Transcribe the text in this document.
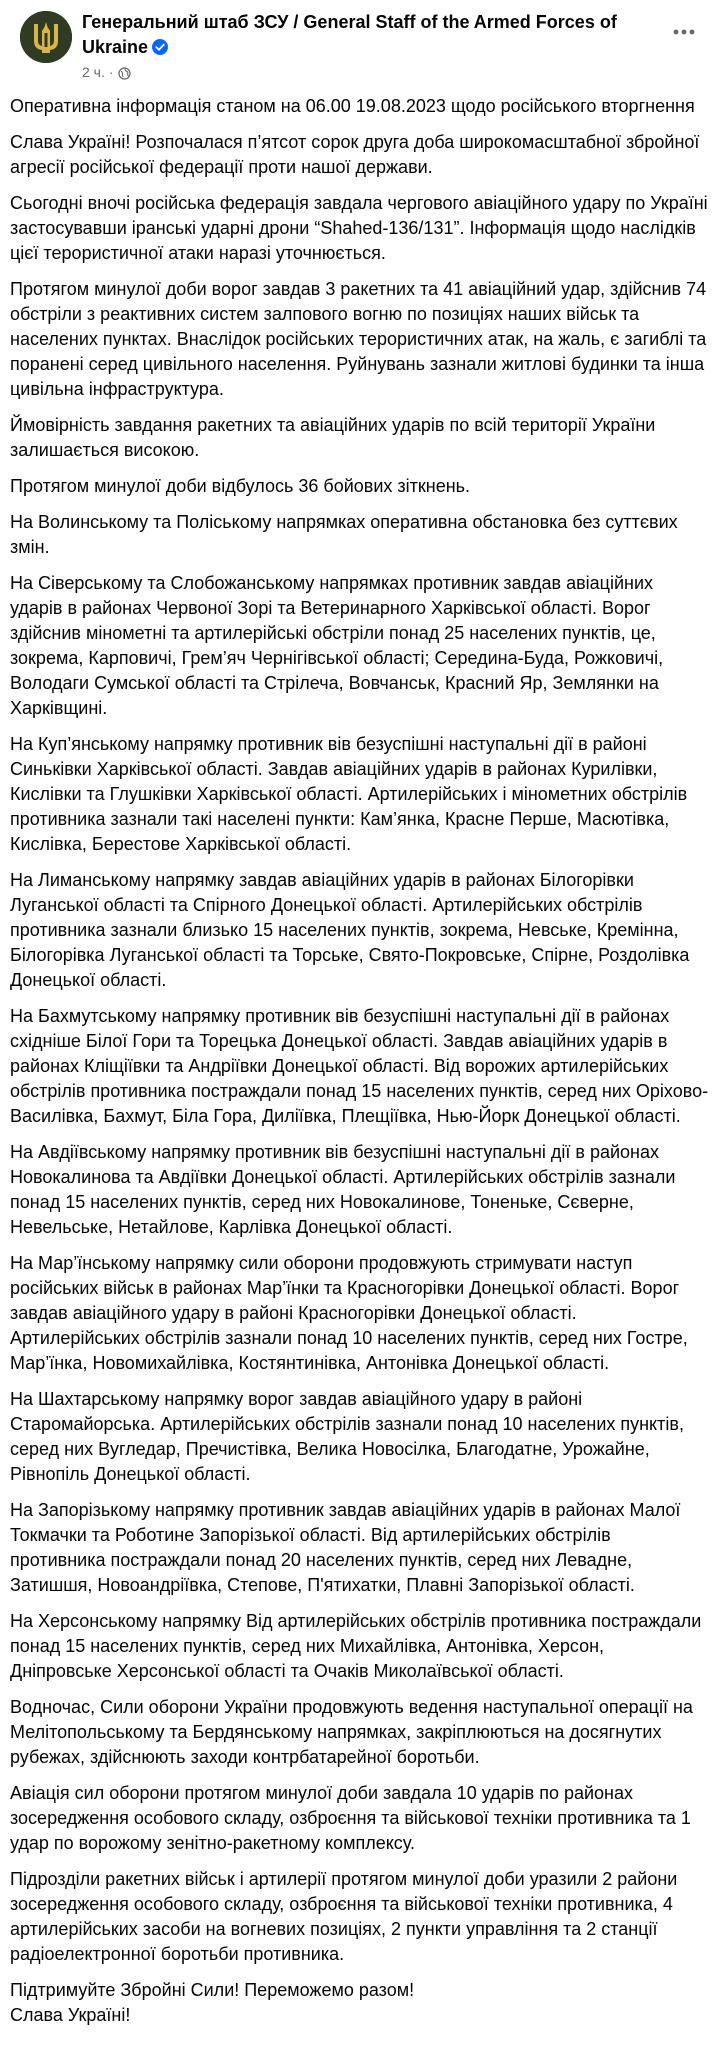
Генеральний штаб ЗСУ / General Staff of the Armed Forces of Ukraine
2 ч. ·

Оперативна інформація станом на 06.00 19.08.2023 щодо російського вторгнення

Слава Україні! Розпочалася п’ятсот сорок друга доба широкомасштабної збройної агресії російської федерації проти нашої держави.

Сьогодні вночі російська федерація завдала чергового авіаційного удару по Україні застосувавши іранські ударні дрони “Shahed-136/131”. Інформація щодо наслідків цієї терористичної атаки наразі уточнюється.

Протягом минулої доби ворог завдав 3 ракетних та 41 авіаційний удар, здійснив 74 обстріли з реактивних систем залпового вогню по позиціях наших військ та населених пунктах. Внаслідок російських терористичних атак, на жаль, є загиблі та поранені серед цивільного населення. Руйнувань зазнали житлові будинки та інша цивільна інфраструктура.

Ймовірність завдання ракетних та авіаційних ударів по всій території України залишається високою.

Протягом минулої доби відбулось 36 бойових зіткнень.

На Волинському та Поліському напрямках оперативна обстановка без суттєвих змін.

На Сіверському та Слобожанському напрямках противник завдав авіаційних ударів в районах Червоної Зорі та Ветеринарного Харківської області. Ворог здійснив мінометні та артилерійські обстріли понад 25 населених пунктів, це, зокрема, Карповичі, Грем’яч Чернігівської області; Середина-Буда, Рожковичі, Володаги Сумської області та Стрілеча, Вовчанськ, Красний Яр, Землянки на Харківщині.

На Куп’янському напрямку противник вів безуспішні наступальні дії в районі Синьківки Харківської області. Завдав авіаційних ударів в районах Курилівки, Кислівки та Глушківки Харківської області. Артилерійських і мінометних обстрілів противника зазнали такі населені пункти: Кам’янка, Красне Перше, Масютівка, Кислівка, Берестове Харківської області.

На Лиманському напрямку завдав авіаційних ударів в районах Білогорівки Луганської області та Спірного Донецької області. Артилерійських обстрілів противника зазнали близько 15 населених пунктів, зокрема, Невське, Кремінна, Білогорівка Луганської області та Торське, Свято-Покровське, Спірне, Роздолівка Донецької області.

На Бахмутському напрямку противник вів безуспішні наступальні дії в районах східніше Білої Гори та Торецька Донецької області. Завдав авіаційних ударів в районах Кліщіївки та Андріївки Донецької області. Від ворожих артилерійських обстрілів противника постраждали понад 15 населених пунктів, серед них Оріхово-Василівка, Бахмут, Біла Гора, Диліївка, Плещіївка, Нью-Йорк Донецької області.

На Авдіївському напрямку противник вів безуспішні наступальні дії в районах Новокалинова та Авдіївки Донецької області. Артилерійських обстрілів зазнали понад 15 населених пунктів, серед них Новокалинове, Тоненьке, Сєверне, Невельське, Нетайлове, Карлівка Донецької області.

На Мар’їнському напрямку сили оборони продовжують стримувати наступ російських військ в районах Мар’їнки та Красногорівки Донецької області. Ворог завдав авіаційного удару в районі Красногорівки Донецької області. Артилерійських обстрілів зазнали понад 10 населених пунктів, серед них Гостре, Мар’їнка, Новомихайлівка, Костянтинівка, Антонівка Донецької області.

На Шахтарському напрямку ворог завдав авіаційного удару в районі Старомайорська. Артилерійських обстрілів зазнали понад 10 населених пунктів, серед них Вугледар, Пречистівка, Велика Новосілка, Благодатне, Урожайне, Рівнопіль Донецької області.

На Запорізькому напрямку противник завдав авіаційних ударів в районах Малої Токмачки та Роботине Запорізької області. Від артилерійських обстрілів противника постраждали понад 20 населених пунктів, серед них Левадне, Затишшя, Новоандріївка, Степове, П'ятихатки, Плавні Запорізької області.

На Херсонському напрямку Від артилерійських обстрілів противника постраждали понад 15 населених пунктів, серед них Михайлівка, Антонівка, Херсон, Дніпровське Херсонської області та Очаків Миколаївської області.

Водночас, Сили оборони України продовжують ведення наступальної операції на Мелітопольському та Бердянському напрямках, закріплюються на досягнутих рубежах, здійснюють заходи контрбатарейної боротьби.

Авіація сил оборони протягом минулої доби завдала 10 ударів по районах зосередження особового складу, озброєння та військової техніки противника та 1 удар по ворожому зенітно-ракетному комплексу.

Підрозділи ракетних військ і артилерії протягом минулої доби уразили 2 райони зосередження особового складу, озброєння та військової техніки противника, 4 артилерійських засоби на вогневих позиціях, 2 пункти управління та 2 станції радіоелектронної боротьби противника.

Підтримуйте Збройні Сили! Переможемо разом!

Слава Україні!
